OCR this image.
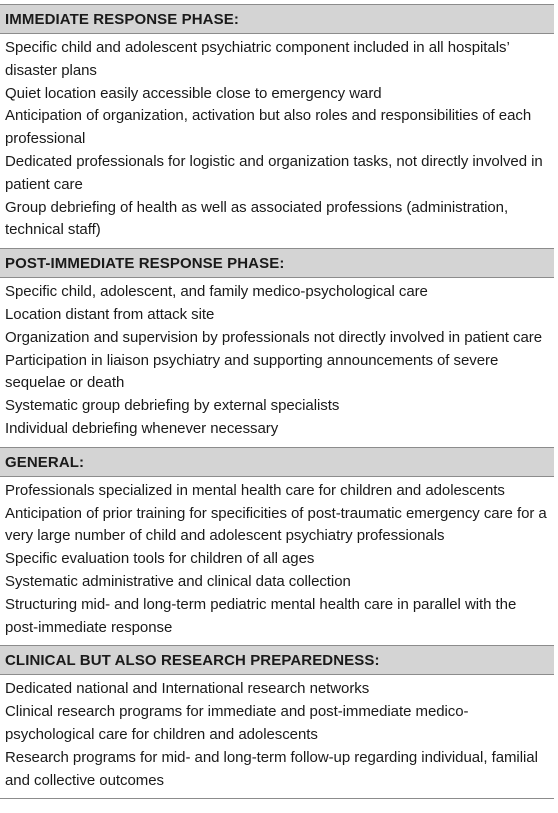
IMMEDIATE RESPONSE PHASE:
Specific child and adolescent psychiatric component included in all hospitals’ disaster plans
Quiet location easily accessible close to emergency ward
Anticipation of organization, activation but also roles and responsibilities of each professional
Dedicated professionals for logistic and organization tasks, not directly involved in patient care
Group debriefing of health as well as associated professions (administration, technical staff)
POST-IMMEDIATE RESPONSE PHASE:
Specific child, adolescent, and family medico-psychological care
Location distant from attack site
Organization and supervision by professionals not directly involved in patient care
Participation in liaison psychiatry and supporting announcements of severe sequelae or death
Systematic group debriefing by external specialists
Individual debriefing whenever necessary
GENERAL:
Professionals specialized in mental health care for children and adolescents
Anticipation of prior training for specificities of post-traumatic emergency care for a very large number of child and adolescent psychiatry professionals
Specific evaluation tools for children of all ages
Systematic administrative and clinical data collection
Structuring mid- and long-term pediatric mental health care in parallel with the post-immediate response
CLINICAL BUT ALSO RESEARCH PREPAREDNESS:
Dedicated national and International research networks
Clinical research programs for immediate and post-immediate medico-psychological care for children and adolescents
Research programs for mid- and long-term follow-up regarding individual, familial and collective outcomes
